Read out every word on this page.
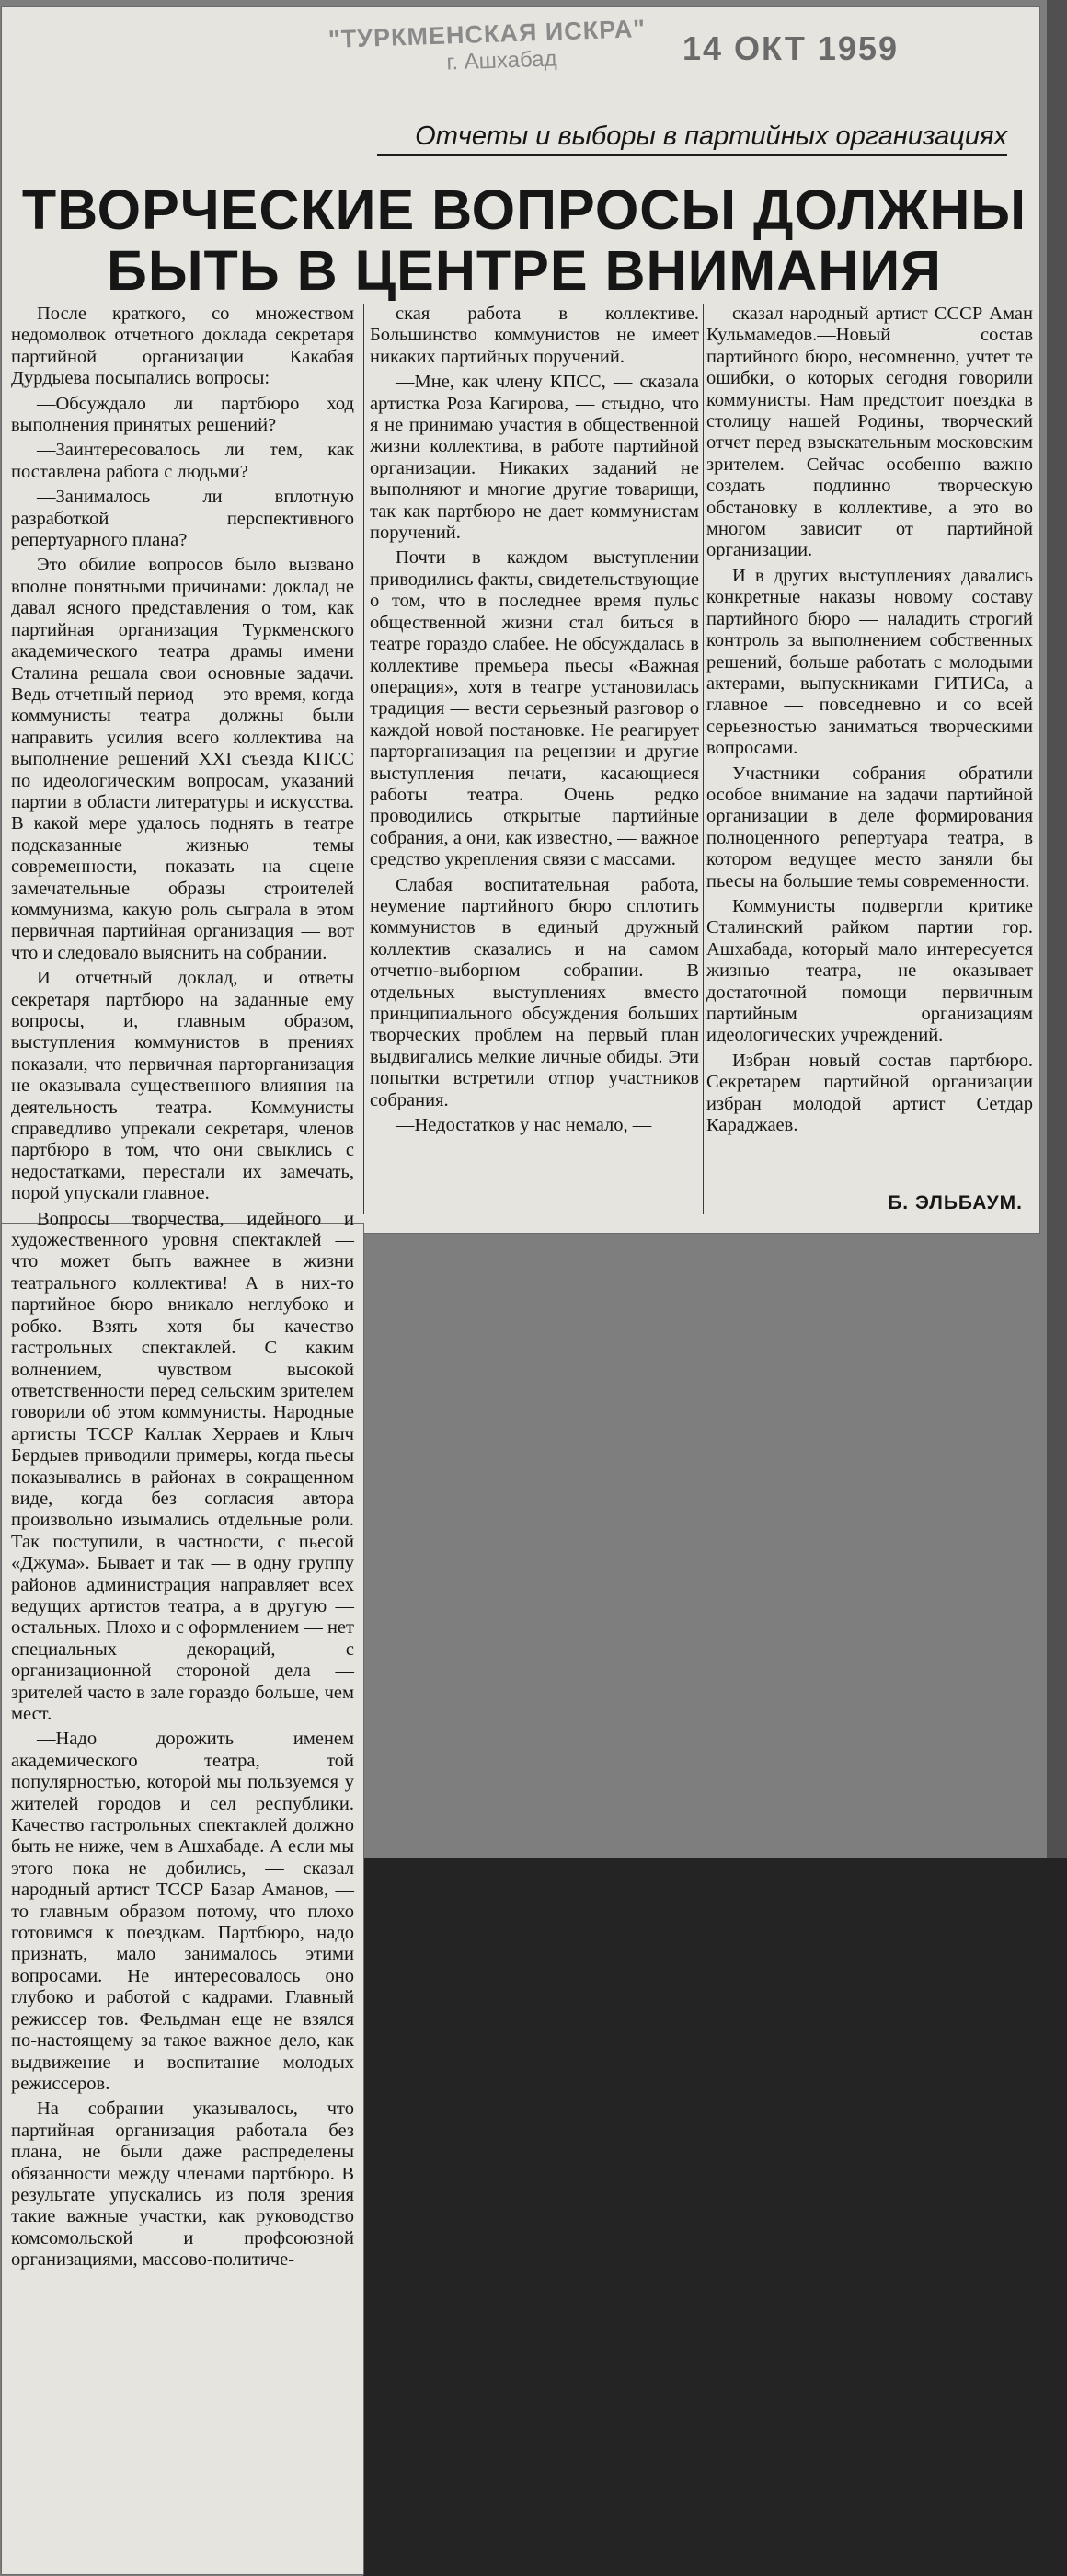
"ТУРКМЕНСКАЯ ИСКРА"
г. Ашхабад	14 ОКТ 1959
Отчеты и выборы в партийных организациях
ТВОРЧЕСКИЕ ВОПРОСЫ ДОЛЖНЫ
БЫТЬ В ЦЕНТРЕ ВНИМАНИЯ

После краткого, со множеством недомолвок отчетного доклада секретаря партийной организации Какабая Дурдыева посыпались вопросы:

—Обсуждало ли партбюро ход выполнения принятых решений?

—Заинтересовалось ли тем, как поставлена работа с людьми?

—Занималось ли вплотную разработкой перспективного репертуарного плана?

Это обилие вопросов было вызвано вполне понятными причинами: доклад не давал ясного представления о том, как партийная организация Туркменского академического театра драмы имени Сталина решала свои основные задачи. Ведь отчетный период — это время, когда коммунисты театра должны были направить усилия всего коллектива на выполнение решений XXI съезда КПСС по идеологическим вопросам, указаний партии в области литературы и искусства. В какой мере удалось поднять в театре подсказанные жизнью темы современности, показать на сцене замечательные образы строителей коммунизма, какую роль сыграла в этом первичная партийная организация — вот что и следовало выяснить на собрании.

И отчетный доклад, и ответы секретаря партбюро на заданные ему вопросы, и, главным образом, выступления коммунистов в прениях показали, что первичная парторганизация не оказывала существенного влияния на деятельность театра. Коммунисты справедливо упрекали секретаря, членов партбюро в том, что они свыклись с недостатками, перестали их замечать, порой упускали главное.

Вопросы творчества, идейного и художественного уровня спектаклей — что может быть важнее в жизни театрального коллектива! А в них-то партийное бюро вникало неглубоко и робко. Взять хотя бы качество гастрольных спектаклей. С каким волнением, чувством высокой ответственности перед сельским зрителем говорили об этом коммунисты. Народные артисты ТССР Каллак Херраев и Клыч Бердыев приводили примеры, когда пьесы показывались в районах в сокращенном виде, когда без согласия автора произвольно изымались отдельные роли. Так поступили, в частности, с пьесой «Джума». Бывает и так — в одну группу районов администрация направляет всех ведущих артистов театра, а в другую — остальных. Плохо и с оформлением — нет специальных декораций, с организационной стороной дела — зрителей часто в зале гораздо больше, чем мест.

—Надо дорожить именем академического театра, той популярностью, которой мы пользуемся у жителей городов и сел республики. Качество гастрольных спектаклей должно быть не ниже, чем в Ашхабаде. А если мы этого пока не добились, — сказал народный артист ТССР Базар Аманов, — то главным образом потому, что плохо готовимся к поездкам. Партбюро, надо признать, мало занималось этими вопросами. Не интересовалось оно глубоко и работой с кадрами. Главный режиссер тов. Фельдман еще не взялся по-настоящему за такое важное дело, как выдвижение и воспитание молодых режиссеров.

На собрании указывалось, что партийная организация работала без плана, не были даже распределены обязанности между членами партбюро. В результате упускались из поля зрения такие важные участки, как руководство комсомольской и профсоюзной организациями, массово-политиче-

ская работа в коллективе. Большинство коммунистов не имеет никаких партийных поручений.

—Мне, как члену КПСС, — сказала артистка Роза Кагирова, — стыдно, что я не принимаю участия в общественной жизни коллектива, в работе партийной организации. Никаких заданий не выполняют и многие другие товарищи, так как партбюро не дает коммунистам поручений.

Почти в каждом выступлении приводились факты, свидетельствующие о том, что в последнее время пульс общественной жизни стал биться в театре гораздо слабее. Не обсуждалась в коллективе премьера пьесы «Важная операция», хотя в театре установилась традиция — вести серьезный разговор о каждой новой постановке. Не реагирует парторганизация на рецензии и другие выступления печати, касающиеся работы театра. Очень редко проводились открытые партийные собрания, а они, как известно, — важное средство укрепления связи с массами.

Слабая воспитательная работа, неумение партийного бюро сплотить коммунистов в единый дружный коллектив сказались и на самом отчетно-выборном собрании. В отдельных выступлениях вместо принципиального обсуждения больших творческих проблем на первый план выдвигались мелкие личные обиды. Эти попытки встретили отпор участников собрания.

—Недостатков у нас немало, —

сказал народный артист СССР Аман Кульмамедов.—Новый состав партийного бюро, несомненно, учтет те ошибки, о которых сегодня говорили коммунисты. Нам предстоит поездка в столицу нашей Родины, творческий отчет перед взыскательным московским зрителем. Сейчас особенно важно создать подлинно творческую обстановку в коллективе, а это во многом зависит от партийной организации.

И в других выступлениях давались конкретные наказы новому составу партийного бюро — наладить строгий контроль за выполнением собственных решений, больше работать с молодыми актерами, выпускниками ГИТИСа, а главное — повседневно и со всей серьезностью заниматься творческими вопросами.

Участники собрания обратили особое внимание на задачи партийной организации в деле формирования полноценного репертуара театра, в котором ведущее место заняли бы пьесы на большие темы современности.

Коммунисты подвергли критике Сталинский райком партии гор. Ашхабада, который мало интересуется жизнью театра, не оказывает достаточной помощи первичным партийным организациям идеологических учреждений.

Избран новый состав партбюро. Секретарем партийной организации избран молодой артист Сетдар Караджаев.

Б. ЭЛЬБАУМ.
